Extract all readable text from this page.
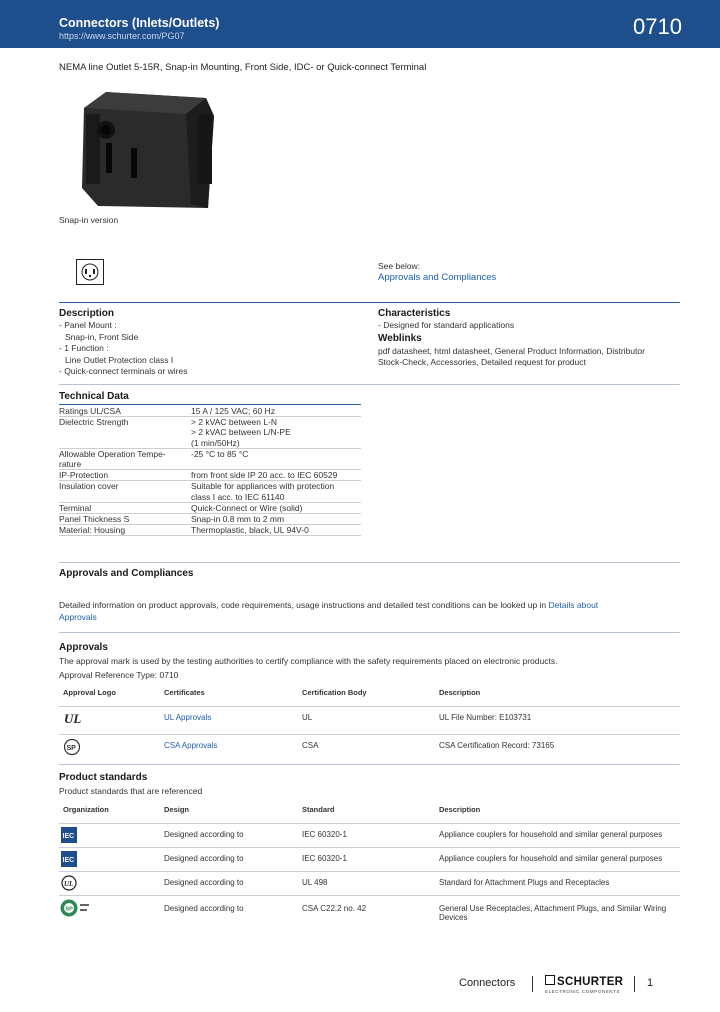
Connectors (Inlets/Outlets)
https://www.schurter.com/PG07	0710
NEMA line Outlet 5-15R, Snap-in Mounting, Front Side, IDC- or Quick-connect Terminal
Snap-in version
See below:
Approvals and Compliances
Description
- Panel Mount :
Snap-in, Front Side
- 1 Function :
Line Outlet Protection class I
- Quick-connect terminals or wires
Characteristics
- Designed for standard applications
Weblinks
pdf datasheet, html datasheet, General Product Information, Distributor
Stock-Check, Accessories, Detailed request for product
Technical Data
Ratings UL/CSA	15 A / 125 VAC; 60 Hz
Dielectric Strength	> 2 kVAC between L-N
> 2 kVAC between L/N-PE
(1 min/50Hz)
Allowable Operation Tempe-
rature	-25 °C to 85 °C
IP-Protection	from front side IP 20 acc. to IEC 60529
Insulation cover	Suitable for appliances with protection
class I acc. to IEC 61140
Terminal	Quick-Connect or Wire (solid)
Panel Thickness S	Snap-in 0.8 mm to 2 mm
Material: Housing	Thermoplastic, black, UL 94V-0
Approvals and Compliances
Detailed information on product approvals, code requirements, usage instructions and detailed test conditions can be looked up in Details about
Approvals
Approvals
The approval mark is used by the testing authorities to certify compliance with the safety requirements placed on electronic products.
Approval Reference Type: 0710
Approval Logo	Certificates	Certification Body	Description
UL	UL Approvals	UL	UL File Number: E103731
SP	CSA Approvals	CSA	CSA Certification Record: 73165
Product standards
Product standards that are referenced
Organization	Design	Standard	Description
IEC	Designed according to	IEC 60320-1	Appliance couplers for household and similar general purposes
IEC	Designed according to	IEC 60320-1	Appliance couplers for household and similar general purposes
UL	Designed according to	UL 498	Standard for Attachment Plugs and Receptacles
SP	Designed according to	CSA C22.2 no. 42	General Use Receptacles, Attachment Plugs, and Similar Wiring Devices
Connectors	SCHURTER
ELECTRONIC COMPONENTS
1
